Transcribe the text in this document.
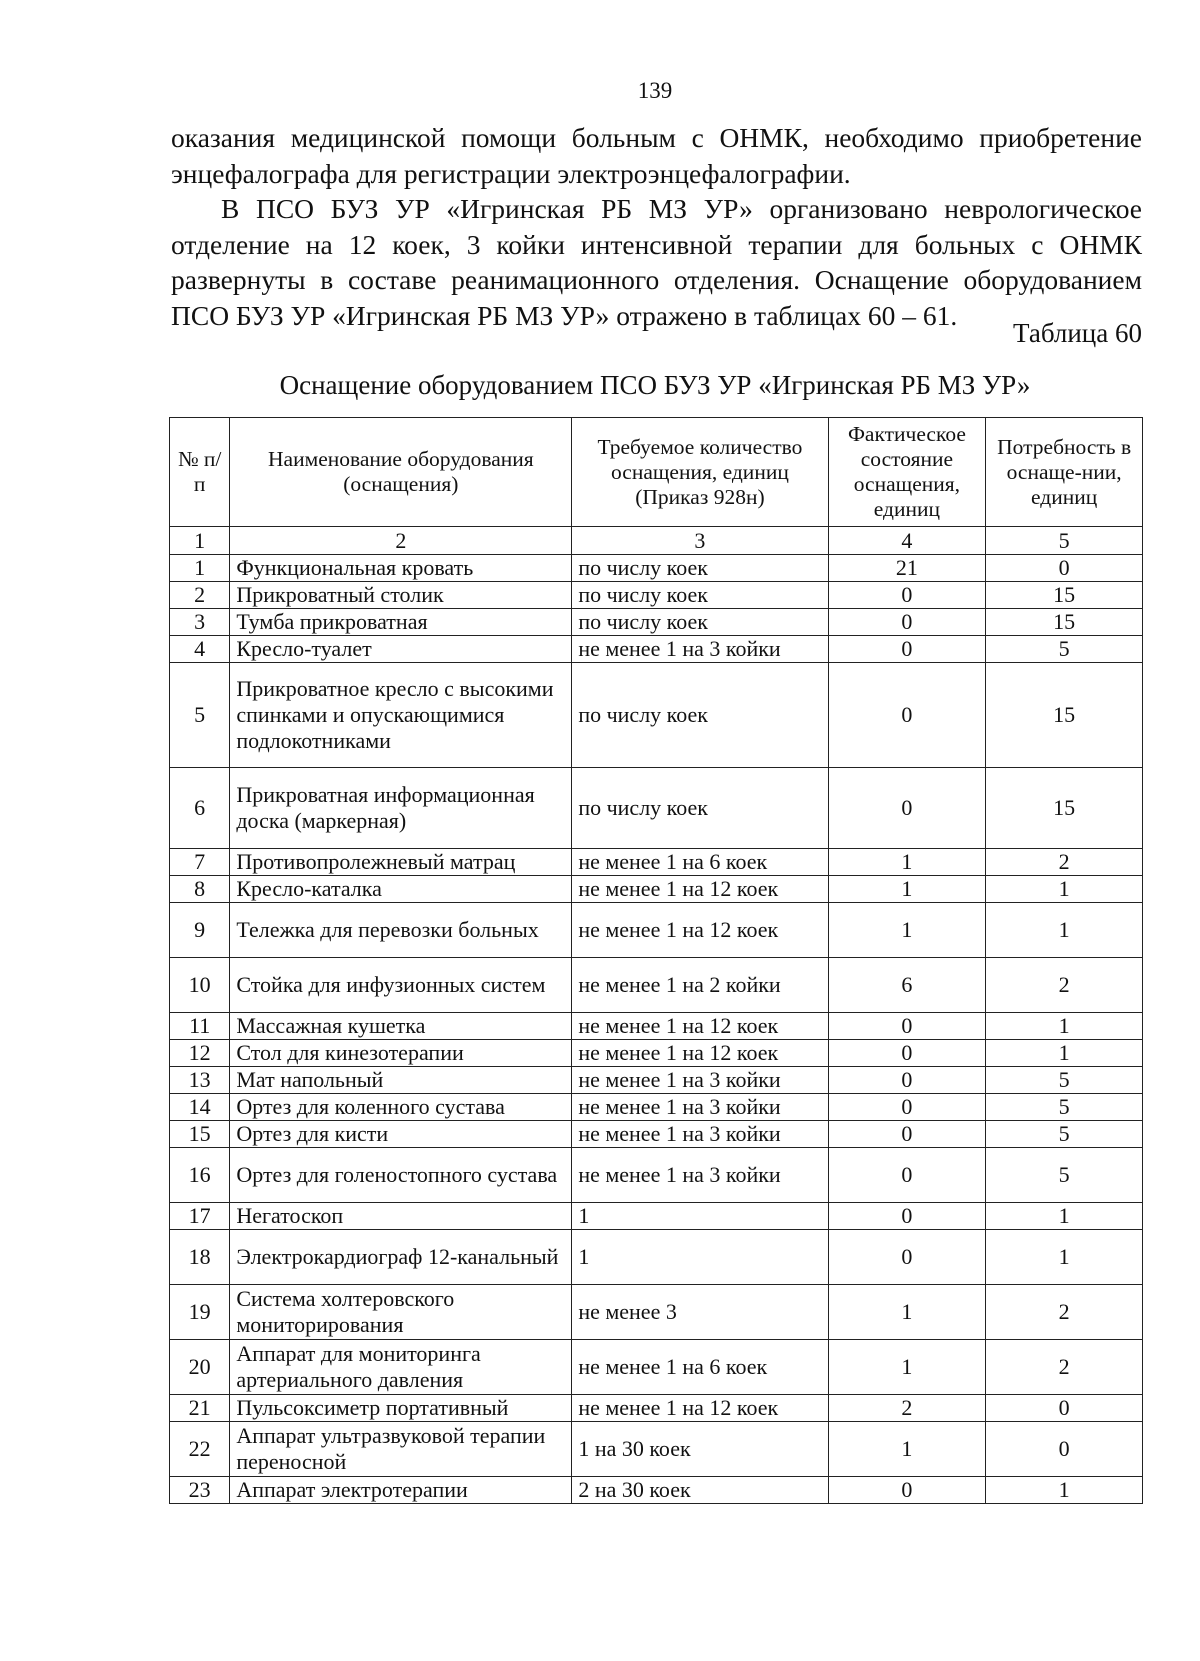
139

оказания медицинской помощи больным с ОНМК, необходимо приобретение энцефалографа для регистрации электроэнцефалографии.

В ПСО БУЗ УР «Игринская РБ МЗ УР» организовано неврологическое отделение на 12 коек, 3 койки интенсивной терапии для больных с ОНМК развернуты в составе реанимационного отделения. Оснащение оборудованием ПСО БУЗ УР «Игринская РБ МЗ УР» отражено в таблицах 60 – 61.

Таблица 60
Оснащение оборудованием ПСО БУЗ УР «Игринская РБ МЗ УР»
№ п/п	Наименование оборудования (оснащения)	Требуемое количество оснащения, единиц (Приказ 928н)	Фактическое состояние оснащения, единиц	Потребность в оснаще-нии, единиц
1	2	3	4	5
1	Функциональная кровать	по числу коек	21	0
2	Прикроватный столик	по числу коек	0	15
3	Тумба прикроватная	по числу коек	0	15
4	Кресло-туалет	не менее 1 на 3 койки	0	5
5	Прикроватное кресло с высокими спинками и опускающимися подлокотниками	по числу коек	0	15
6	Прикроватная информационная доска (маркерная)	по числу коек	0	15
7	Противопролежневый матрац	не менее 1 на 6 коек	1	2
8	Кресло-каталка	не менее 1 на 12 коек	1	1
9	Тележка для перевозки больных	не менее 1 на 12 коек	1	1
10	Стойка для инфузионных систем	не менее 1 на 2 койки	6	2
11	Массажная кушетка	не менее 1 на 12 коек	0	1
12	Стол для кинезотерапии	не менее 1 на 12 коек	0	1
13	Мат напольный	не менее 1 на 3 койки	0	5
14	Ортез для коленного сустава	не менее 1 на 3 койки	0	5
15	Ортез для кисти	не менее 1 на 3 койки	0	5
16	Ортез для голеностопного сустава	не менее 1 на 3 койки	0	5
17	Негатоскоп	1	0	1
18	Электрокардиограф 12-канальный	1	0	1
19	Система холтеровского мониторирования	не менее 3	1	2
20	Аппарат для мониторинга артериального давления	не менее 1 на 6 коек	1	2
21	Пульсоксиметр портативный	не менее 1 на 12 коек	2	0
22	Аппарат ультразвуковой терапии переносной	1 на 30 коек	1	0
23	Аппарат электротерапии	2 на 30 коек	0	1
